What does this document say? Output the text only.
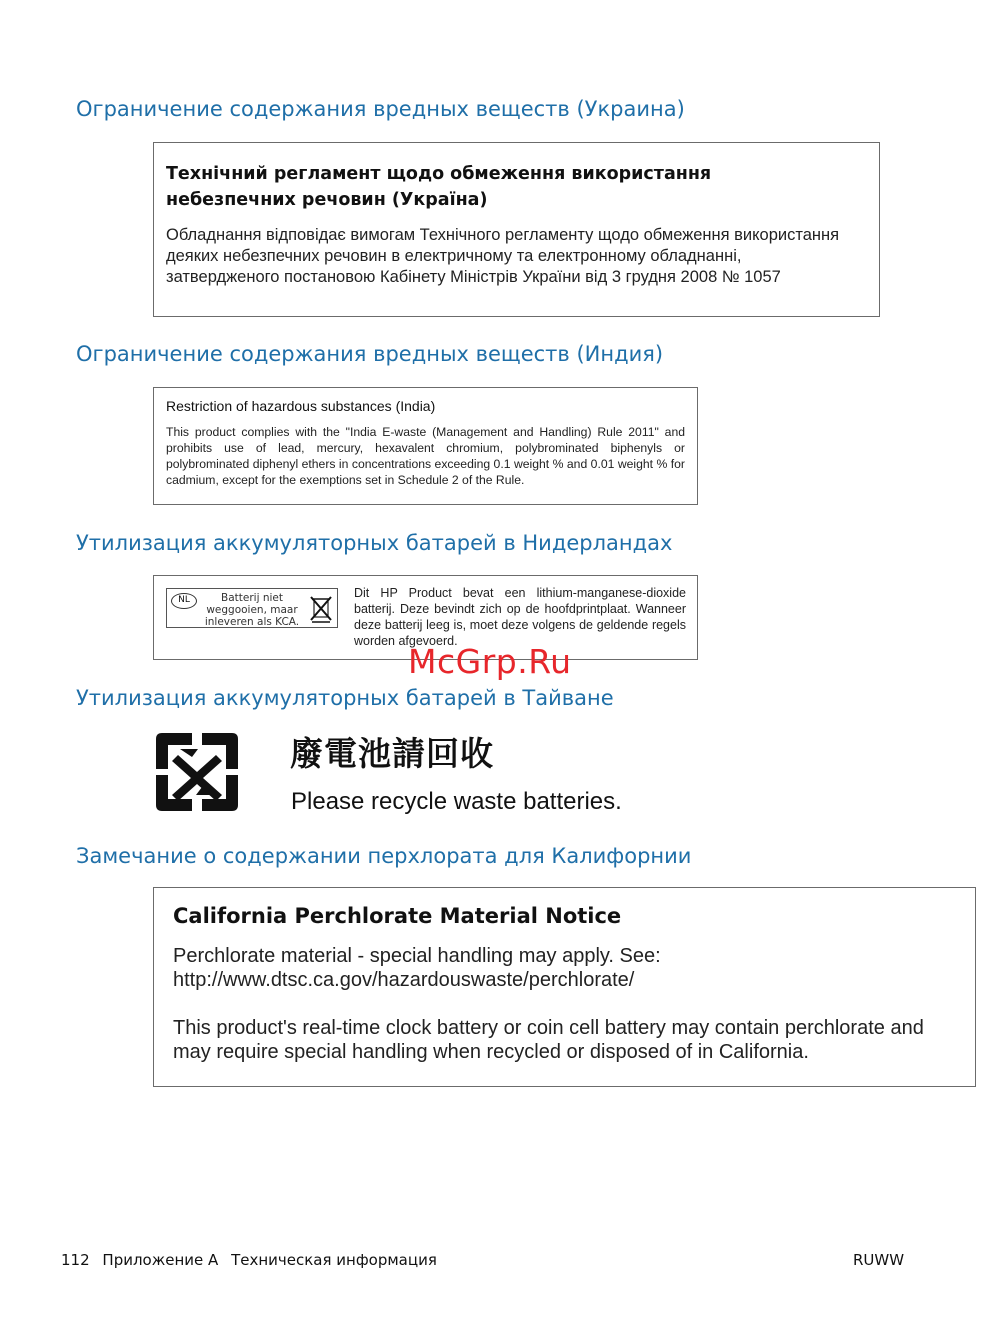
Ограничение содержания вредных веществ (Украина)

Технічний регламент щодо обмеження використання
небезпечних речовин (Україна)

Обладнання відповідає вимогам Технічного регламенту щодо обмеження використання
деяких небезпечних речовин в електричному та електронному обладнанні,
затвердженого постановою Кабінету Міністрів України від 3 грудня 2008 № 1057

Ограничение содержания вредных веществ (Индия)

Restriction of hazardous substances (India)

This product complies with the "India E-waste (Management and Handling) Rule 2011" and prohibits use of lead, mercury, hexavalent chromium, polybrominated biphenyls or polybrominated diphenyl ethers in concentrations exceeding 0.1 weight % and 0.01 weight % for cadmium, except for the exemptions set in Schedule 2 of the Rule.

Утилизация аккумуляторных батарей в Нидерландах
NL	Batterij niet weggooien, maar inleveren als KCA.

Dit HP Product bevat een lithium-manganese-dioxide batterij. Deze bevindt zich op de hoofdprintplaat. Wanneer deze batterij leeg is, moet deze volgens de geldende regels worden afgevoerd.

McGrp.Ru

Утилизация аккумуляторных батарей в Тайване

廢電池請回收

Please recycle waste batteries.

Замечание о содержании перхлората для Калифорнии

California Perchlorate Material Notice

Perchlorate material - special handling may apply. See:
http://www.dtsc.ca.gov/hazardouswaste/perchlorate/

This product's real-time clock battery or coin cell battery may contain perchlorate and may require special handling when recycled or disposed of in California.

112 Приложение А Техническая информация	RUWW
